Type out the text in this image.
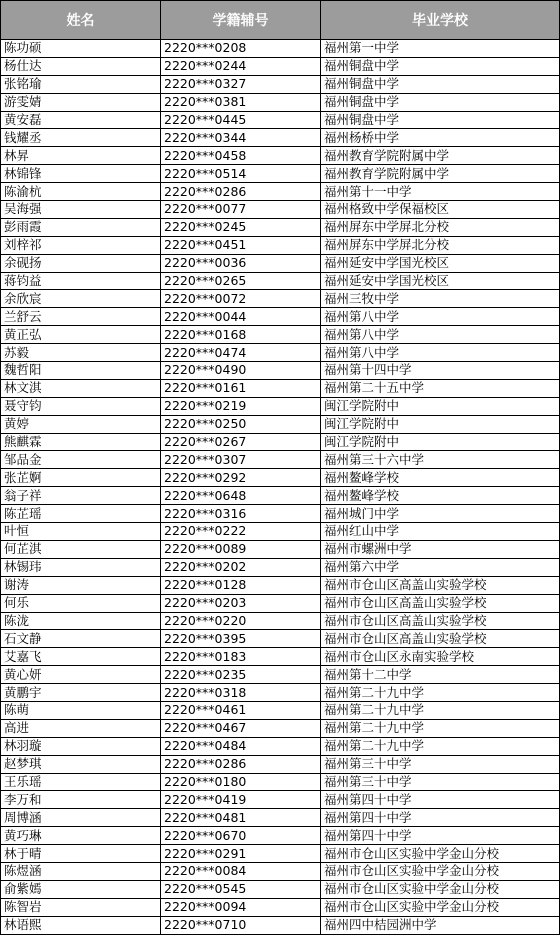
姓名	学籍辅号	毕业学校
陈功硕	2220***0208	福州第一中学
杨仕达	2220***0244	福州铜盘中学
张铭瑜	2220***0327	福州铜盘中学
游雯婧	2220***0381	福州铜盘中学
黄安磊	2220***0445	福州铜盘中学
钱耀丞	2220***0344	福州杨桥中学
林昇	2220***0458	福州教育学院附属中学
林锦锋	2220***0514	福州教育学院附属中学
陈渝杭	2220***0286	福州第十一中学
吴海强	2220***0077	福州格致中学保福校区
彭雨霞	2220***0245	福州屏东中学屏北分校
刘梓祁	2220***0451	福州屏东中学屏北分校
余砚扬	2220***0036	福州延安中学国光校区
蒋钧益	2220***0265	福州延安中学国光校区
余欣宸	2220***0072	福州三牧中学
兰舒云	2220***0044	福州第八中学
黄正弘	2220***0168	福州第八中学
苏毅	2220***0474	福州第八中学
魏哲阳	2220***0490	福州第十四中学
林文淇	2220***0161	福州第二十五中学
聂守钧	2220***0219	闽江学院附中
黄婷	2220***0250	闽江学院附中
熊麒霖	2220***0267	闽江学院附中
邹品金	2220***0307	福州第三十六中学
张芷婀	2220***0292	福州鳌峰学校
翁子祥	2220***0648	福州鳌峰学校
陈芷瑶	2220***0316	福州城门中学
叶恒	2220***0222	福州红山中学
何芷淇	2220***0089	福州市螺洲中学
林锡玮	2220***0202	福州第六中学
谢涛	2220***0128	福州市仓山区高盖山实验学校
何乐	2220***0203	福州市仓山区高盖山实验学校
陈泷	2220***0220	福州市仓山区高盖山实验学校
石文静	2220***0395	福州市仓山区高盖山实验学校
艾嘉飞	2220***0183	福州市仓山区永南实验学校
黄心妍	2220***0235	福州第十二中学
黄鹏宇	2220***0318	福州第二十九中学
陈萌	2220***0461	福州第二十九中学
高进	2220***0467	福州第二十九中学
林羽璇	2220***0484	福州第二十九中学
赵梦琪	2220***0286	福州第三十中学
王乐瑶	2220***0180	福州第三十中学
李万和	2220***0419	福州第四十中学
周博涵	2220***0481	福州第四十中学
黄巧琳	2220***0670	福州第四十中学
林于晴	2220***0291	福州市仓山区实验中学金山分校
陈煜涵	2220***0084	福州市仓山区实验中学金山分校
俞紫嫣	2220***0545	福州市仓山区实验中学金山分校
陈智岩	2220***0094	福州市仓山区实验中学金山分校
林语熙	2220***0710	福州四中桔园洲中学
